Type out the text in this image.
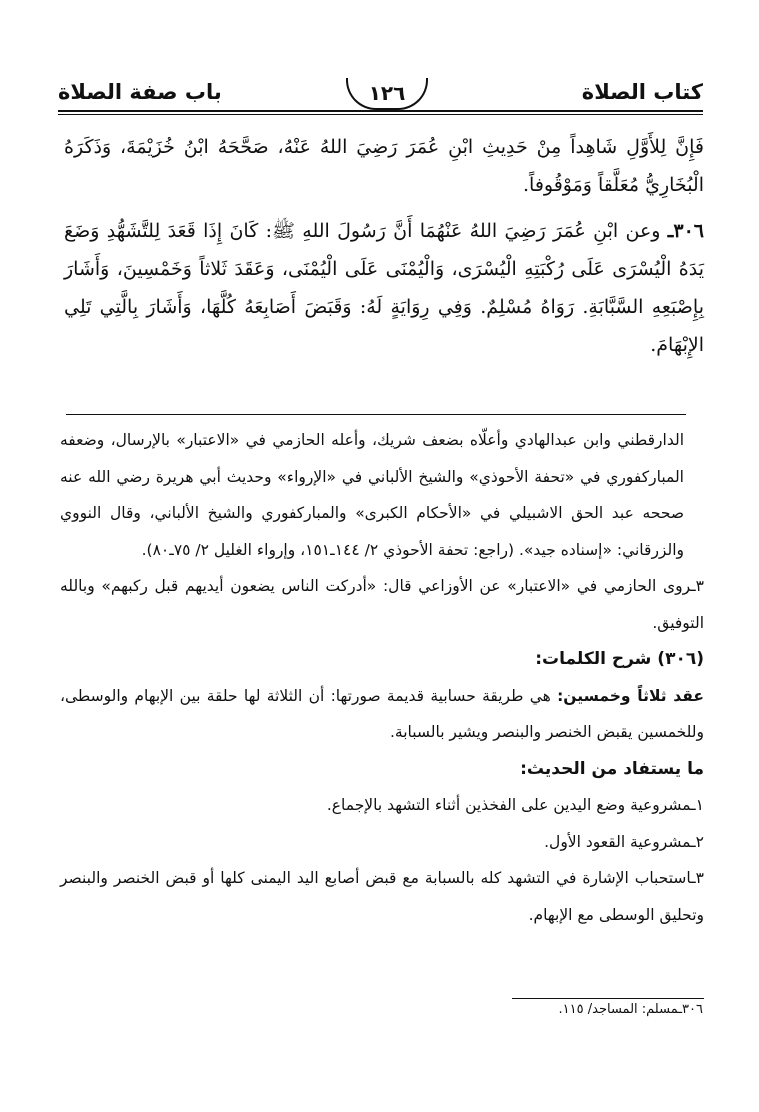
كتاب الصلاة
١٢٦
باب صفة الصلاة

فَإِنَّ لِلأَوَّلِ شَاهِداً مِنْ حَدِيثِ ابْنِ عُمَرَ رَضِيَ اللهُ عَنْهُ، صَحَّحَهُ ابْنُ خُزَيْمَةَ، وَذَكَرَهُ الْبُخَارِيُّ مُعَلَّقاً وَمَوْقُوفاً.

٣٠٦ـ وعن ابْنِ عُمَرَ رَضِيَ اللهُ عَنْهُمَا أَنَّ رَسُولَ اللهِ ﷺ: كَانَ إِذَا قَعَدَ لِلتَّشَهُّدِ وَضَعَ يَدَهُ الْيُسْرَى عَلَى رُكْبَتِهِ الْيُسْرَى، وَالْيُمْنَى عَلَى الْيُمْنَى، وَعَقَدَ ثَلاثاً وَخَمْسِينَ، وَأَشَارَ بِإِصْبَعِهِ السَّبَّابَةِ. رَوَاهُ مُسْلِمٌ. وَفِي رِوَايَةٍ لَهُ: وَقَبَضَ أَصَابِعَهُ كُلَّهَا، وَأَشَارَ بِالَّتِي تَلِي الإِبْهَامَ.

الدارقطني وابن عبدالهادي وأعلّاه بضعف شريك، وأعله الحازمي في «الاعتبار» بالإرسال، وضعفه المباركفوري في «تحفة الأحوذي» والشيخ الألباني في «الإرواء» وحديث أبي هريرة رضي الله عنه صححه عبد الحق الاشبيلي في «الأحكام الكبرى» والمباركفوري والشيخ الألباني، وقال النووي والزرقاني: «إسناده جيد». (راجع: تحفة الأحوذي ٢/ ١٤٤ـ١٥١، وإرواء الغليل ٢/ ٧٥ـ٨٠).

٣ـروى الحازمي في «الاعتبار» عن الأوزاعي قال: «أدركت الناس يضعون أيديهم قبل ركبهم» وبالله التوفيق.

(٣٠٦) شرح الكلمات:

عقد ثلاثاً وخمسين: هي طريقة حسابية قديمة صورتها: أن الثلاثة لها حلقة بين الإبهام والوسطى، وللخمسين يقبض الخنصر والبنصر ويشير بالسبابة.

ما يستفاد من الحديث:

١ـمشروعية وضع اليدين على الفخذين أثناء التشهد بالإجماع.

٢ـمشروعية القعود الأول.

٣ـاستحباب الإشارة في التشهد كله بالسبابة مع قبض أصابع اليد اليمنى كلها أو قبض الخنصر والبنصر وتحليق الوسطى مع الإبهام.

٣٠٦ـمسلم: المساجد/ ١١٥.
